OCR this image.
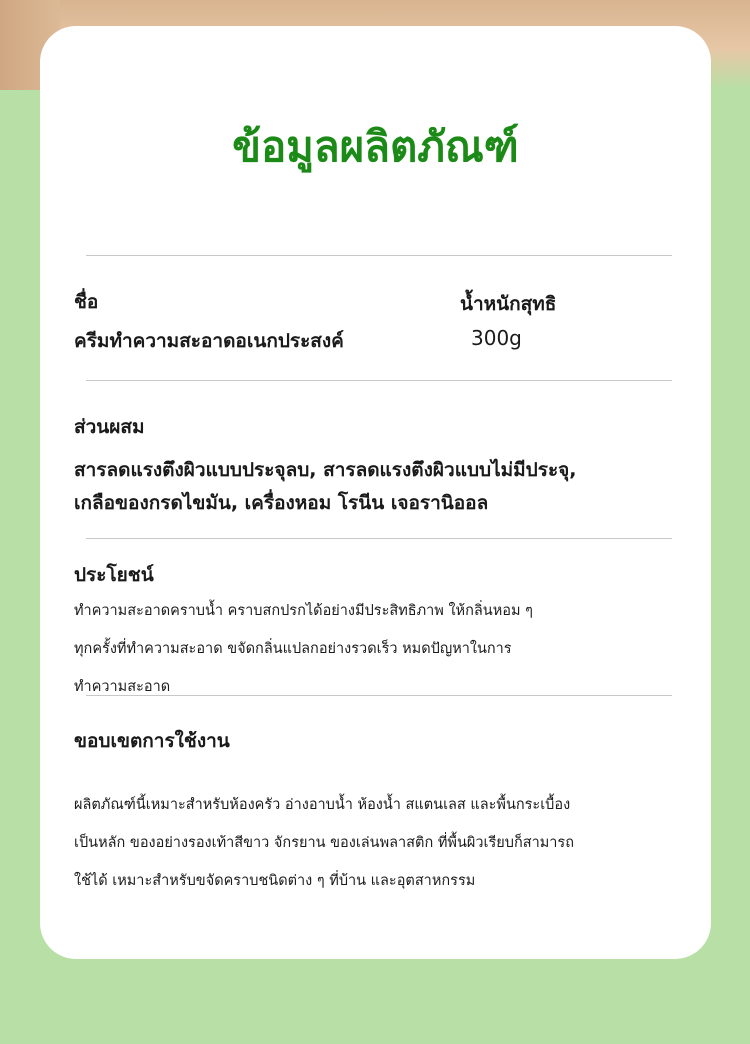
ข้อมูลผลิตภัณฑ์
ชื่อ
ครีมทำความสะอาดอเนกประสงค์
น้ำหนักสุทธิ
300g
ส่วนผสม
สารลดแรงตึงผิวแบบประจุลบ, สารลดแรงตึงผิวแบบไม่มีประจุ,
เกลือของกรดไขมัน, เครื่องหอม โรนีน เจอรานิออล
ประโยชน์
ทำความสะอาดคราบน้ำ คราบสกปรกได้อย่างมีประสิทธิภาพ ให้กลิ่นหอม ๆ
ทุกครั้งที่ทำความสะอาด ขจัดกลิ่นแปลกอย่างรวดเร็ว หมดปัญหาในการ
ทำความสะอาด
ขอบเขตการใช้งาน
ผลิตภัณฑ์นี้เหมาะสำหรับห้องครัว อ่างอาบน้ำ ห้องน้ำ สแตนเลส และพื้นกระเบื้อง
เป็นหลัก ของอย่างรองเท้าสีขาว จักรยาน ของเล่นพลาสติก ที่พื้นผิวเรียบก็สามารถ
ใช้ได้ เหมาะสำหรับขจัดคราบชนิดต่าง ๆ ที่บ้าน และอุตสาหกรรม
